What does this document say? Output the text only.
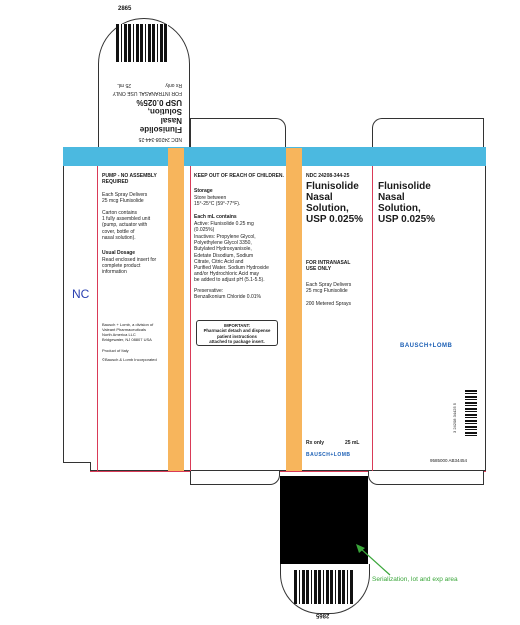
2865
NDC 24208-344-25
Flunisolide
Nasal
Solution,
USP 0.025%
FOR INTRANASAL USE ONLY
Rx only
25 mL
NC
PUMP - NO ASSEMBLY REQUIRED
Each Spray Delivers
25 mcg Flunisolide
Carton contains
1 fully assembled unit
(pump, actuator with
cover, bottle of
nasal solution).
Usual Dosage
Read enclosed insert for
complete product
information
Bausch + Lomb, a division of
Valeant Pharmaceuticals
North America LLC
Bridgewater, NJ 08807 USA
Product of Italy
©Bausch & Lomb Incorporated
KEEP OUT OF REACH OF CHILDREN.
Storage
Store between
15°-25°C (59°-77°F).
Each mL contains
Active: Flunisolide 0.25 mg
(0.025%)
Inactives: Propylene Glycol,
Polyethylene Glycol 3350,
Butylated Hydroxyanisole,
Edetate Disodium, Sodium
Citrate, Citric Acid and
Purified Water. Sodium Hydroxide
and/or Hydrochloric Acid may
be added to adjust pH (5.1-5.5).
Preservative:
Benzalkonium Chloride 0.01%
IMPORTANT:
Pharmacist detach and dispense
patient instructions
attached to package insert.
NDC 24208-344-25
Flunisolide
Nasal
Solution,
USP 0.025%
FOR INTRANASAL
USE ONLY
Each Spray Delivers
25 mcg Flunisolide
200 Metered Sprays
Rx only	25 mL
BAUSCH+LOMB
Flunisolide
Nasal
Solution,
USP 0.025%
BAUSCH+LOMB
3 24208 34425 5
9585000 AB34454
Serialization, lot and exp area
2865
